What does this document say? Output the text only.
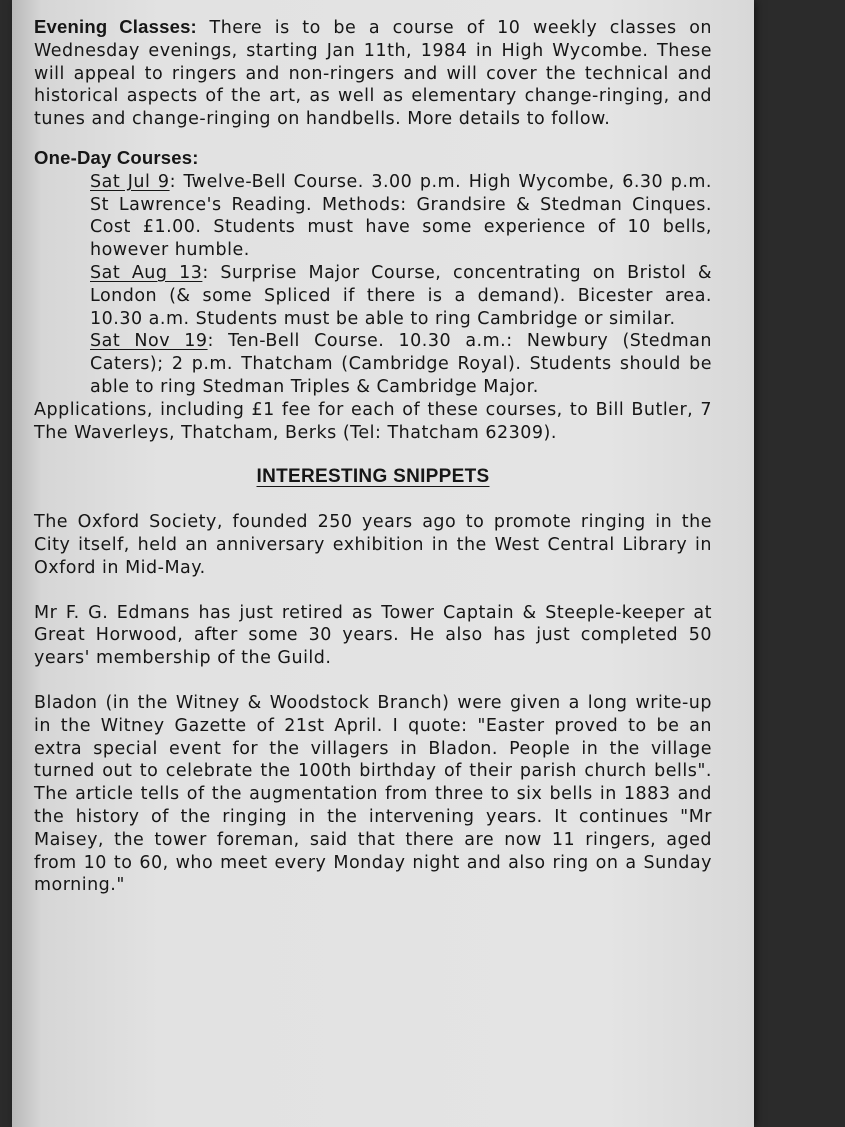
Evening Classes: There is to be a course of 10 weekly classes on Wednesday evenings, starting Jan 11th, 1984 in High Wycombe. These will appeal to ringers and non-ringers and will cover the technical and historical aspects of the art, as well as elementary change-ringing, and tunes and change-ringing on handbells. More details to follow.

One-Day Courses:

Sat Jul 9: Twelve-Bell Course. 3.00 p.m. High Wycombe, 6.30 p.m. St Lawrence's Reading. Methods: Grandsire & Stedman Cinques. Cost £1.00. Students must have some experience of 10 bells, however humble.

Sat Aug 13: Surprise Major Course, concentrating on Bristol & London (& some Spliced if there is a demand). Bicester area. 10.30 a.m. Students must be able to ring Cambridge or similar.

Sat Nov 19: Ten-Bell Course. 10.30 a.m.: Newbury (Stedman Caters); 2 p.m. Thatcham (Cambridge Royal). Students should be able to ring Stedman Triples & Cambridge Major.

Applications, including £1 fee for each of these courses, to Bill Butler, 7 The Waverleys, Thatcham, Berks (Tel: Thatcham 62309).

INTERESTING SNIPPETS

The Oxford Society, founded 250 years ago to promote ringing in the City itself, held an anniversary exhibition in the West Central Library in Oxford in Mid-May.

Mr F. G. Edmans has just retired as Tower Captain & Steeple-keeper at Great Horwood, after some 30 years. He also has just completed 50 years' membership of the Guild.

Bladon (in the Witney & Woodstock Branch) were given a long write-up in the Witney Gazette of 21st April. I quote: "Easter proved to be an extra special event for the villagers in Bladon. People in the village turned out to celebrate the 100th birthday of their parish church bells". The article tells of the augmentation from three to six bells in 1883 and the history of the ringing in the intervening years. It continues "Mr Maisey, the tower foreman, said that there are now 11 ringers, aged from 10 to 60, who meet every Monday night and also ring on a Sunday morning."
